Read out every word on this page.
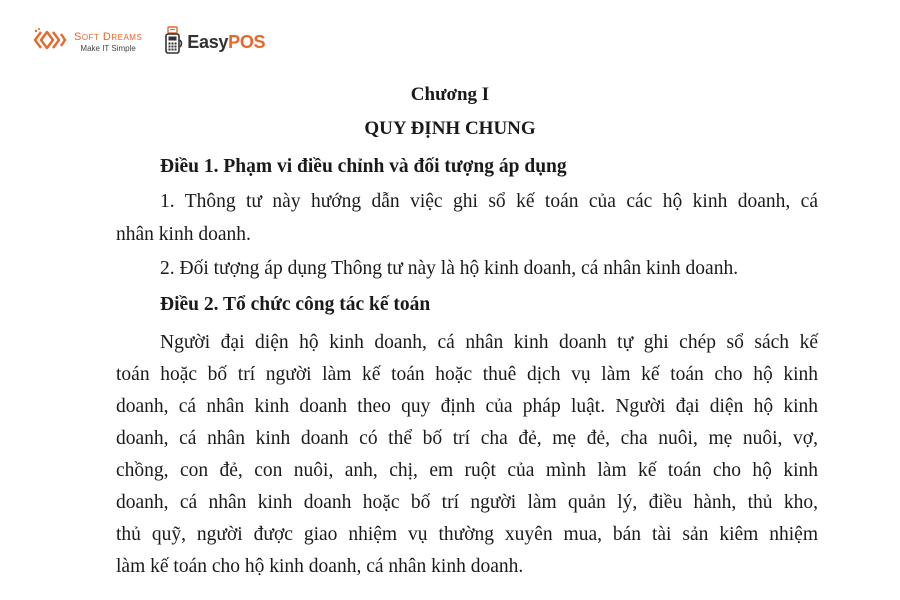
Soft Dreams
Make IT Simple	EasyPOS
Chương I
QUY ĐỊNH CHUNG
Điều 1. Phạm vi điều chỉnh và đối tượng áp dụng
1. Thông tư này hướng dẫn việc ghi sổ kế toán của các hộ kinh doanh, cá
nhân kinh doanh.
2. Đối tượng áp dụng Thông tư này là hộ kinh doanh, cá nhân kinh doanh.
Điều 2. Tổ chức công tác kế toán
Người đại diện hộ kinh doanh, cá nhân kinh doanh tự ghi chép sổ sách kế
toán hoặc bố trí người làm kế toán hoặc thuê dịch vụ làm kế toán cho hộ kinh
doanh, cá nhân kinh doanh theo quy định của pháp luật. Người đại diện hộ kinh
doanh, cá nhân kinh doanh có thể bố trí cha đẻ, mẹ đẻ, cha nuôi, mẹ nuôi, vợ,
chồng, con đẻ, con nuôi, anh, chị, em ruột của mình làm kế toán cho hộ kinh
doanh, cá nhân kinh doanh hoặc bố trí người làm quản lý, điều hành, thủ kho,
thủ quỹ, người được giao nhiệm vụ thường xuyên mua, bán tài sản kiêm nhiệm
làm kế toán cho hộ kinh doanh, cá nhân kinh doanh.
